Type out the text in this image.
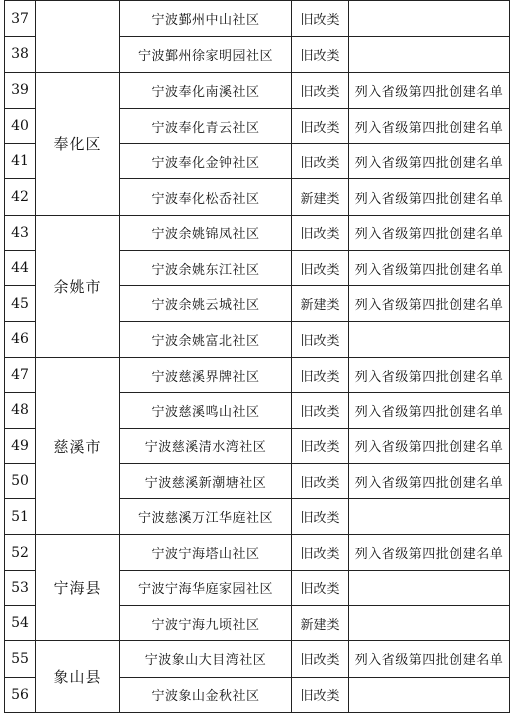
37		宁波鄞州中山社区	旧改类	
38		宁波鄞州徐家明园社区	旧改类	
39	奉化区	宁波奉化南溪社区	旧改类	列入省级第四批创建名单
40		宁波奉化青云社区	旧改类	列入省级第四批创建名单
41		宁波奉化金钟社区	旧改类	列入省级第四批创建名单
42		宁波奉化松岙社区	新建类	列入省级第四批创建名单
43	余姚市	宁波余姚锦凤社区	旧改类	列入省级第四批创建名单
44		宁波余姚东江社区	旧改类	列入省级第四批创建名单
45		宁波余姚云城社区	新建类	列入省级第四批创建名单
46		宁波余姚富北社区	旧改类	
47	慈溪市	宁波慈溪界牌社区	旧改类	列入省级第四批创建名单
48		宁波慈溪鸣山社区	旧改类	列入省级第四批创建名单
49		宁波慈溪清水湾社区	旧改类	列入省级第四批创建名单
50		宁波慈溪新潮塘社区	旧改类	列入省级第四批创建名单
51		宁波慈溪万江华庭社区	旧改类	
52	宁海县	宁波宁海塔山社区	旧改类	列入省级第四批创建名单
53		宁波宁海华庭家园社区	旧改类	
54		宁波宁海九顷社区	新建类	
55	象山县	宁波象山大目湾社区	旧改类	列入省级第四批创建名单
56		宁波象山金秋社区	旧改类	
